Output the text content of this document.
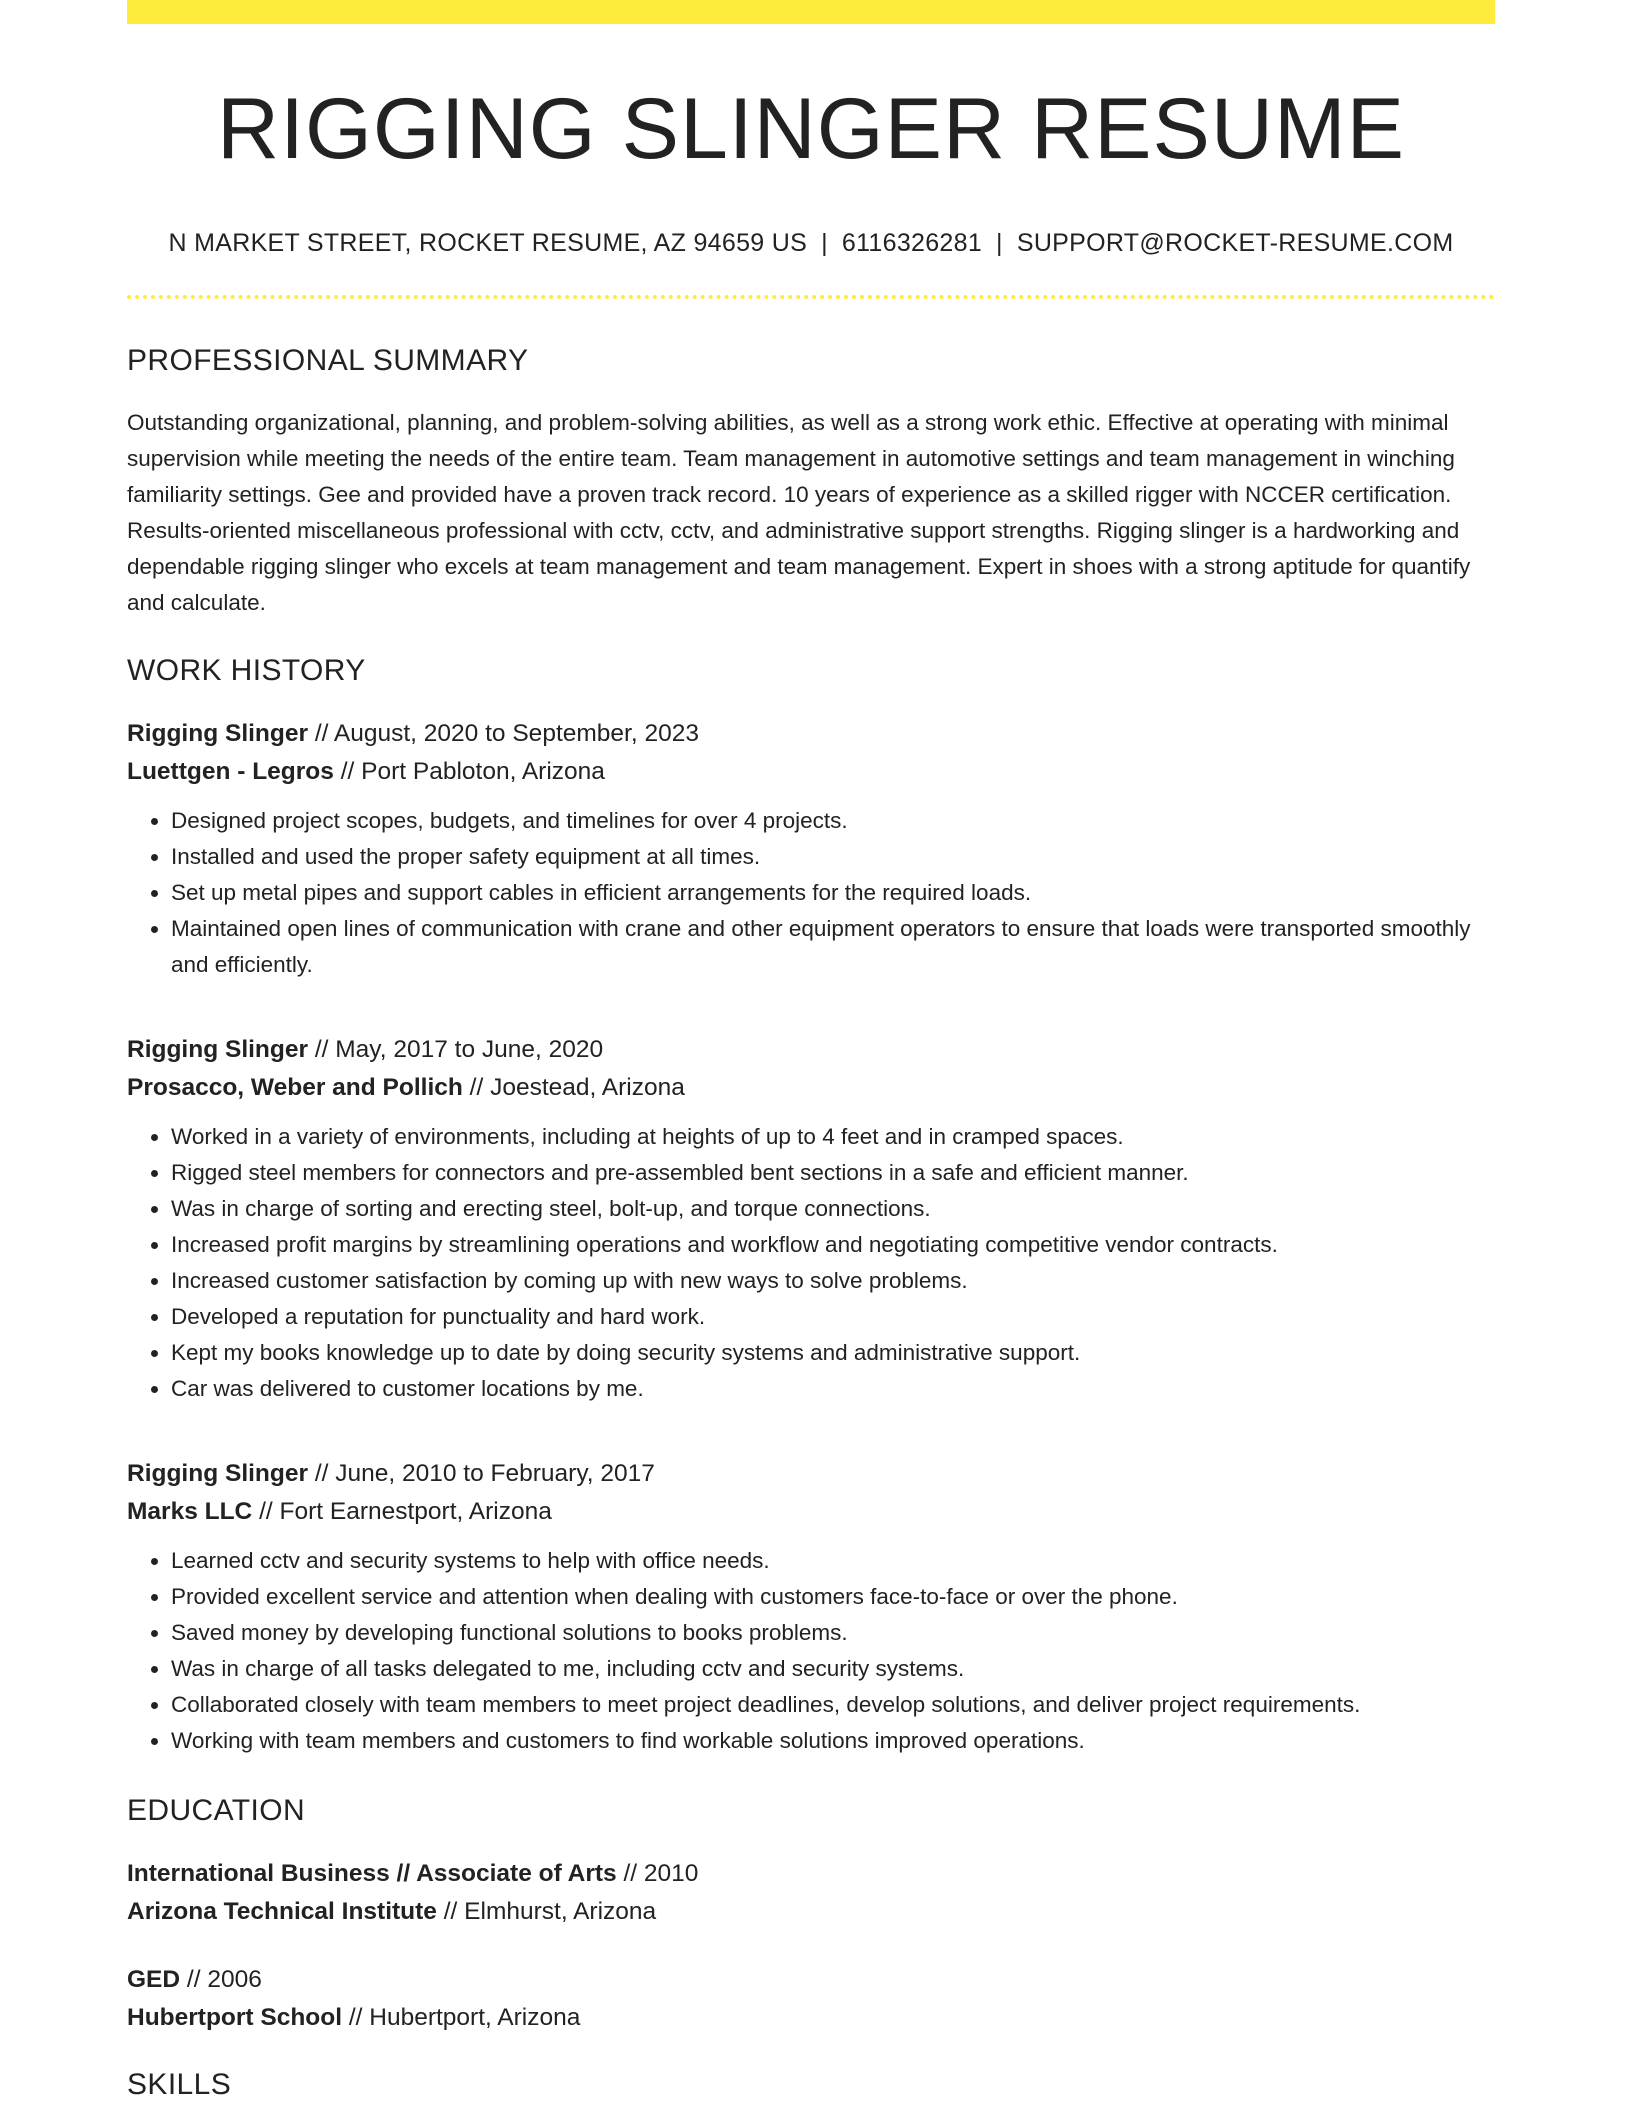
RIGGING SLINGER RESUME
N MARKET STREET, ROCKET RESUME, AZ 94659 US | 6116326281 | SUPPORT@ROCKET-RESUME.COM
PROFESSIONAL SUMMARY

Outstanding organizational, planning, and problem-solving abilities, as well as a strong work ethic. Effective at operating with minimal supervision while meeting the needs of the entire team. Team management in automotive settings and team management in winching familiarity settings. Gee and provided have a proven track record. 10 years of experience as a skilled rigger with NCCER certification. Results-oriented miscellaneous professional with cctv, cctv, and administrative support strengths. Rigging slinger is a hardworking and dependable rigging slinger who excels at team management and team management. Expert in shoes with a strong aptitude for quantify and calculate.

WORK HISTORY
Rigging Slinger // August, 2020 to September, 2023
Luettgen - Legros // Port Pabloton, Arizona
• Designed project scopes, budgets, and timelines for over 4 projects.
• Installed and used the proper safety equipment at all times.
• Set up metal pipes and support cables in efficient arrangements for the required loads.
• Maintained open lines of communication with crane and other equipment operators to ensure that loads were transported smoothly and efficiently.
Rigging Slinger // May, 2017 to June, 2020
Prosacco, Weber and Pollich // Joestead, Arizona
• Worked in a variety of environments, including at heights of up to 4 feet and in cramped spaces.
• Rigged steel members for connectors and pre-assembled bent sections in a safe and efficient manner.
• Was in charge of sorting and erecting steel, bolt-up, and torque connections.
• Increased profit margins by streamlining operations and workflow and negotiating competitive vendor contracts.
• Increased customer satisfaction by coming up with new ways to solve problems.
• Developed a reputation for punctuality and hard work.
• Kept my books knowledge up to date by doing security systems and administrative support.
• Car was delivered to customer locations by me.
Rigging Slinger // June, 2010 to February, 2017
Marks LLC // Fort Earnestport, Arizona
• Learned cctv and security systems to help with office needs.
• Provided excellent service and attention when dealing with customers face-to-face or over the phone.
• Saved money by developing functional solutions to books problems.
• Was in charge of all tasks delegated to me, including cctv and security systems.
• Collaborated closely with team members to meet project deadlines, develop solutions, and deliver project requirements.
• Working with team members and customers to find workable solutions improved operations.
EDUCATION
International Business // Associate of Arts // 2010
Arizona Technical Institute // Elmhurst, Arizona
GED // 2006
Hubertport School // Hubertport, Arizona
SKILLS
